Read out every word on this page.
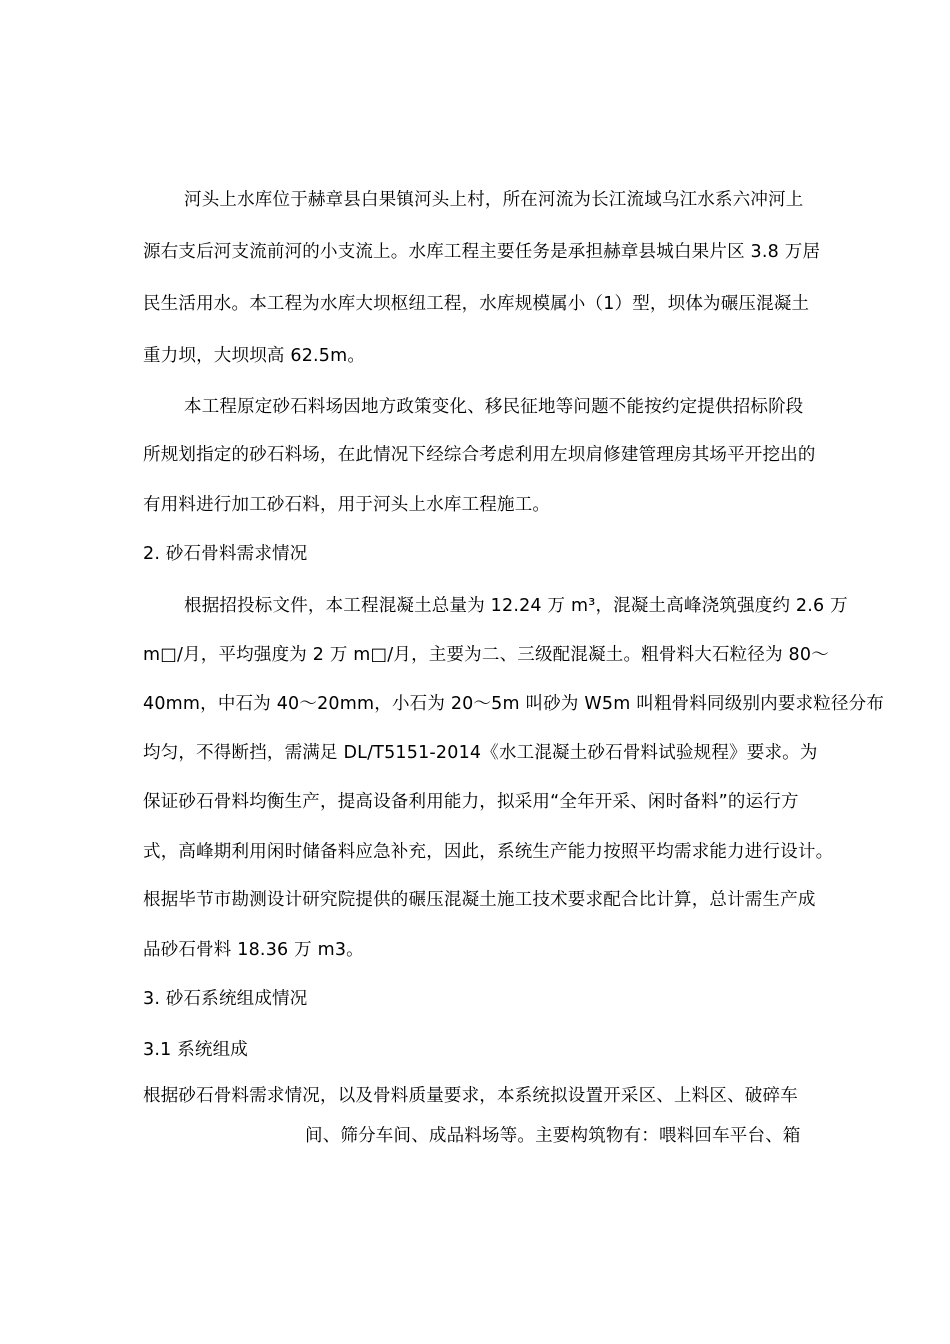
河头上水库位于赫章县白果镇河头上村，所在河流为长江流域乌江水系六冲河上
源右支后河支流前河的小支流上。水库工程主要任务是承担赫章县城白果片区 3.8 万居
民生活用水。本工程为水库大坝枢纽工程，水库规模属小（1）型，坝体为碾压混凝土
重力坝，大坝坝高 62.5m。
本工程原定砂石料场因地方政策变化、移民征地等问题不能按约定提供招标阶段
所规划指定的砂石料场，在此情况下经综合考虑利用左坝肩修建管理房其场平开挖出的
有用料进行加工砂石料，用于河头上水库工程施工。
2. 砂石骨料需求情况
根据招投标文件，本工程混凝土总量为 12.24 万 m³，混凝土高峰浇筑强度约 2.6 万
m□/月，平均强度为 2 万 m□/月，主要为二、三级配混凝土。粗骨料大石粒径为 80〜
40mm，中石为 40〜20mm，小石为 20〜5m 叫砂为 W5m 叫粗骨料同级别内要求粒径分布
均匀，不得断挡，需满足 DL/T5151-2014《水工混凝土砂石骨料试验规程》要求。为
保证砂石骨料均衡生产，提高设备利用能力，拟采用“全年开采、闲时备料”的运行方
式，高峰期利用闲时储备料应急补充，因此，系统生产能力按照平均需求能力进行设计。
根据毕节市勘测设计研究院提供的碾压混凝土施工技术要求配合比计算，总计需生产成
品砂石骨料 18.36 万 m3。
3. 砂石系统组成情况
3.1 系统组成
根据砂石骨料需求情况，以及骨料质量要求，本系统拟设置开采区、上料区、破碎车
间、筛分车间、成品料场等。主要构筑物有：喂料回车平台、箱
